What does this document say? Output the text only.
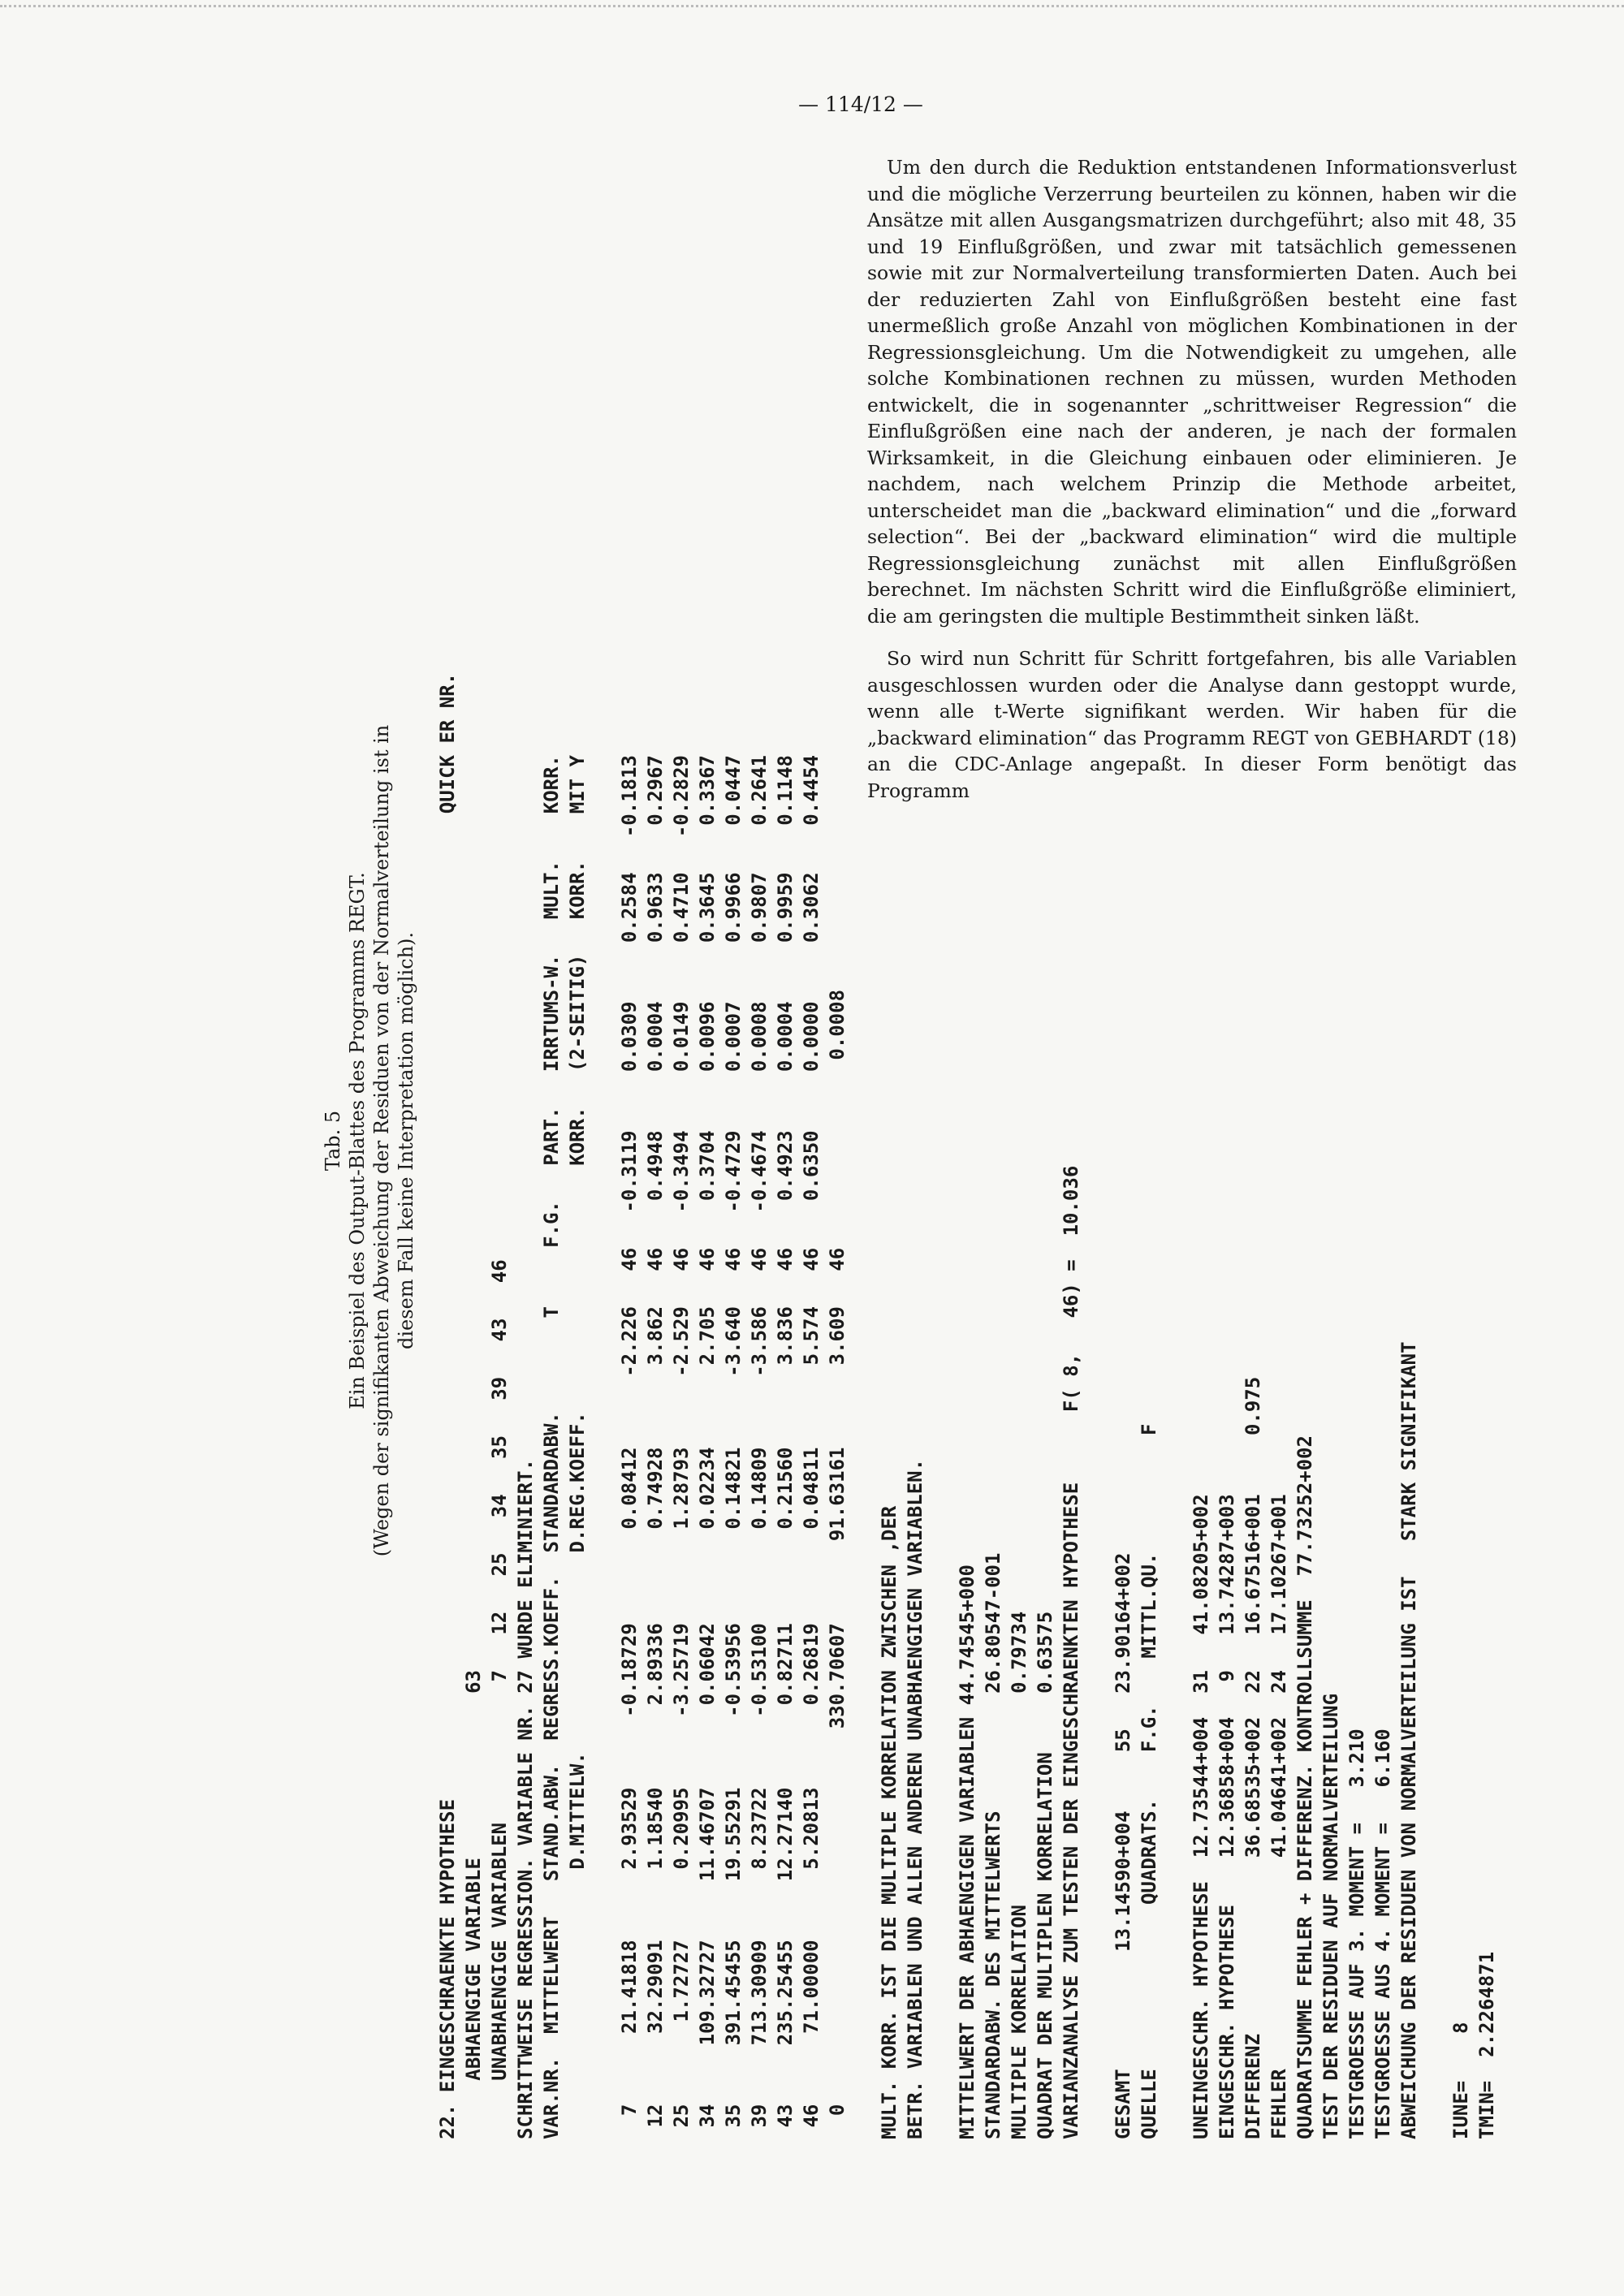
— 114/12 —
Tab. 5 Ein Beispiel des Output-Blattes des Programms REGT. (Wegen der signifikanten Abweichung der Residuen von der Normalverteilung ist in diesem Fall keine Interpretation möglich). 22. EINGESCHRAENKTE HYPOTHESE                                                                                    QUICK ER NR. ABHAENGIGE VARIABLE              63 UNABHAENGIGE VARIABLEN            7   12   25   34   35   39   43   46 SCHRITTWEISE REGRESSION. VARIABLE NR. 27 WURDE ELIMINIERT. VAR.NR.  MITTELWERT   STAND.ABW.  REGRESS.KOEFF.  STANDARDABW.        T     F.G.   PART.   IRRTUMS-W.   MULT.    KORR. D.MITTELW.                 D.REG.KOEFF.                     KORR.   (2-SEITIG)   KORR.    MIT Y 7      21.41818      2.93529      -0.18729        0.08412      -2.226   46   -0.3119     0.0309     0.2584   -0.1813 12      32.29091      1.18540       2.89336        0.74928       3.862   46    0.4948     0.0004     0.9633    0.2967 25       1.72727      0.20995      -3.25719        1.28793      -2.529   46   -0.3494     0.0149     0.4710   -0.2829 34     109.32727     11.46707       0.06042        0.02234       2.705   46    0.3704     0.0096     0.3645    0.3367 35     391.45455     19.55291      -0.53956        0.14821      -3.640   46   -0.4729     0.0007     0.9966    0.0447 39     713.30909      8.23722      -0.53100        0.14809      -3.586   46   -0.4674     0.0008     0.9807    0.2641 43     235.25455     12.27140       0.82711        0.21560       3.836   46    0.4923     0.0004     0.9959    0.1148 46      71.00000      5.20813       0.26819        0.04811       5.574   46    0.6350     0.0000     0.3062    0.4454 0                                330.70607       91.63161       3.609   46                0.0008 MULT. KORR. IST DIE MULTIPLE KORRELATION ZWISCHEN ,DER BETR. VARIABLEN UND ALLEN ANDEREN UNABHAENGIGEN VARIABLEN. MITTELWERT DER ABHAENGIGEN VARIABLEN 44.74545+000 STANDARDABW. DES MITTELWERTS          26.80547-001 MULTIPLE KORRELATION                  0.79734 QUADRAT DER MULTIPLEN KORRELATION     0.63575 VARIANZANALYSE ZUM TESTEN DER EINGESCHRAENKTEN HYPOTHESE      F( 8,   46) =  10.036 GESAMT          13.14590+004     55   23.90164+002 QUELLE              QUADRATS.    F.G.    MITTL.QU.          F UNEINGESCHR. HYPOTHESE  12.73544+004  31   41.08205+002 EINGESCHR. HYPOTHESE    12.36858+004   9   13.74287+003 DIFFERENZ               36.68535+002  22   16.67516+001     0.975 FEHLER                  41.04641+002  24   17.10267+001 QUADRATSUMME FEHLER + DIFFERENZ. KONTROLLSUMME  77.73252+002 TEST DER RESIDUEN AUF NORMALVERTEILUNG TESTGROESSE AUF 3. MOMENT =   3.210 TESTGROESSE AUS 4. MOMENT =   6.160 ABWEICHUNG DER RESIDUEN VON NORMALVERTEILUNG IST   STARK SIGNIFIKANT IUNE=    8 TMIN=  2.2264871

Um den durch die Reduktion entstandenen Informationsverlust und die mögliche Verzerrung beurteilen zu können, haben wir die Ansätze mit allen Ausgangsmatrizen durchgeführt; also mit 48, 35 und 19 Einflußgrößen, und zwar mit tatsächlich gemessenen sowie mit zur Normalverteilung transformierten Daten. Auch bei der reduzierten Zahl von Einflußgrößen besteht eine fast unermeßlich große Anzahl von möglichen Kombinationen in der Regressionsgleichung. Um die Notwendigkeit zu umgehen, alle solche Kombinationen rechnen zu müssen, wurden Methoden entwickelt, die in sogenannter „schrittweiser Regression“ die Einflußgrößen eine nach der anderen, je nach der formalen Wirksamkeit, in die Gleichung einbauen oder eliminieren. Je nachdem, nach welchem Prinzip die Methode arbeitet, unterscheidet man die „backward elimination“ und die „forward selection“. Bei der „backward elimination“ wird die multiple Regressionsgleichung zunächst mit allen Einflußgrößen berechnet. Im nächsten Schritt wird die Einflußgröße eliminiert, die am geringsten die multiple Bestimmtheit sinken läßt.

So wird nun Schritt für Schritt fortgefahren, bis alle Variablen ausgeschlossen wurden oder die Analyse dann gestoppt wurde, wenn alle t-Werte signifikant werden. Wir haben für die „backward elimination“ das Programm REGT von GEBHARDT (18) an die CDC-Anlage angepaßt. In dieser Form benötigt das Programm
